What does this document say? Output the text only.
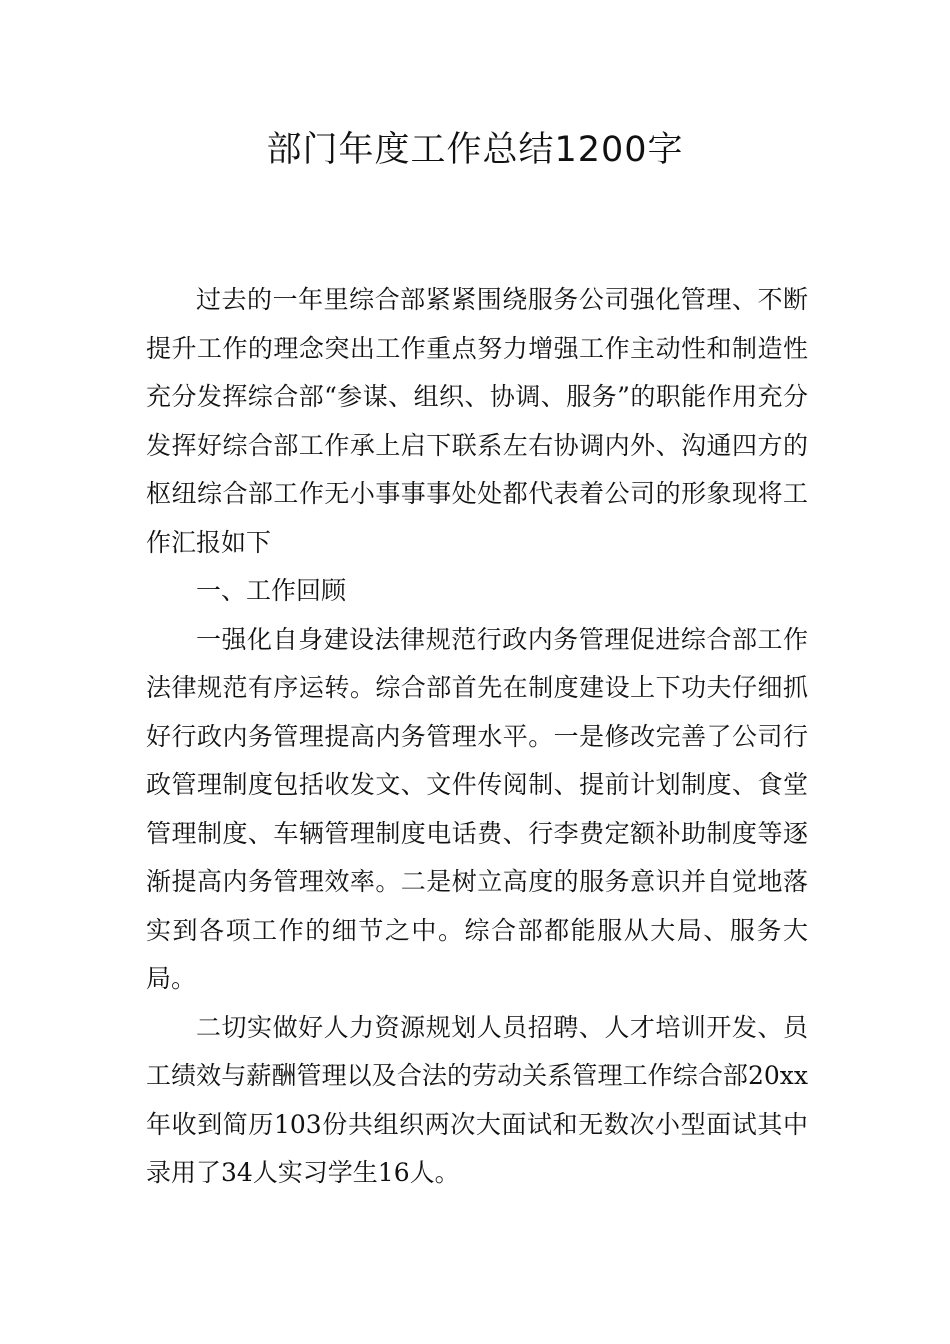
部门年度工作总结1200字

过去的一年里综合部紧紧围绕服务公司强化管理、不断提升工作的理念突出工作重点努力增强工作主动性和制造性充分发挥综合部“参谋、组织、协调、服务”的职能作用充分发挥好综合部工作承上启下联系左右协调内外、沟通四方的枢纽综合部工作无小事事事处处都代表着公司的形象现将工作汇报如下

一、工作回顾

一强化自身建设法律规范行政内务管理促进综合部工作法律规范有序运转。综合部首先在制度建设上下功夫仔细抓好行政内务管理提高内务管理水平。一是修改完善了公司行政管理制度包括收发文、文件传阅制、提前计划制度、食堂管理制度、车辆管理制度电话费、行李费定额补助制度等逐渐提高内务管理效率。二是树立高度的服务意识并自觉地落实到各项工作的细节之中。综合部都能服从大局、服务大局。

二切实做好人力资源规划人员招聘、人才培训开发、员工绩效与薪酬管理以及合法的劳动关系管理工作综合部20xx年收到简历103份共组织两次大面试和无数次小型面试其中录用了34人实习学生16人。
